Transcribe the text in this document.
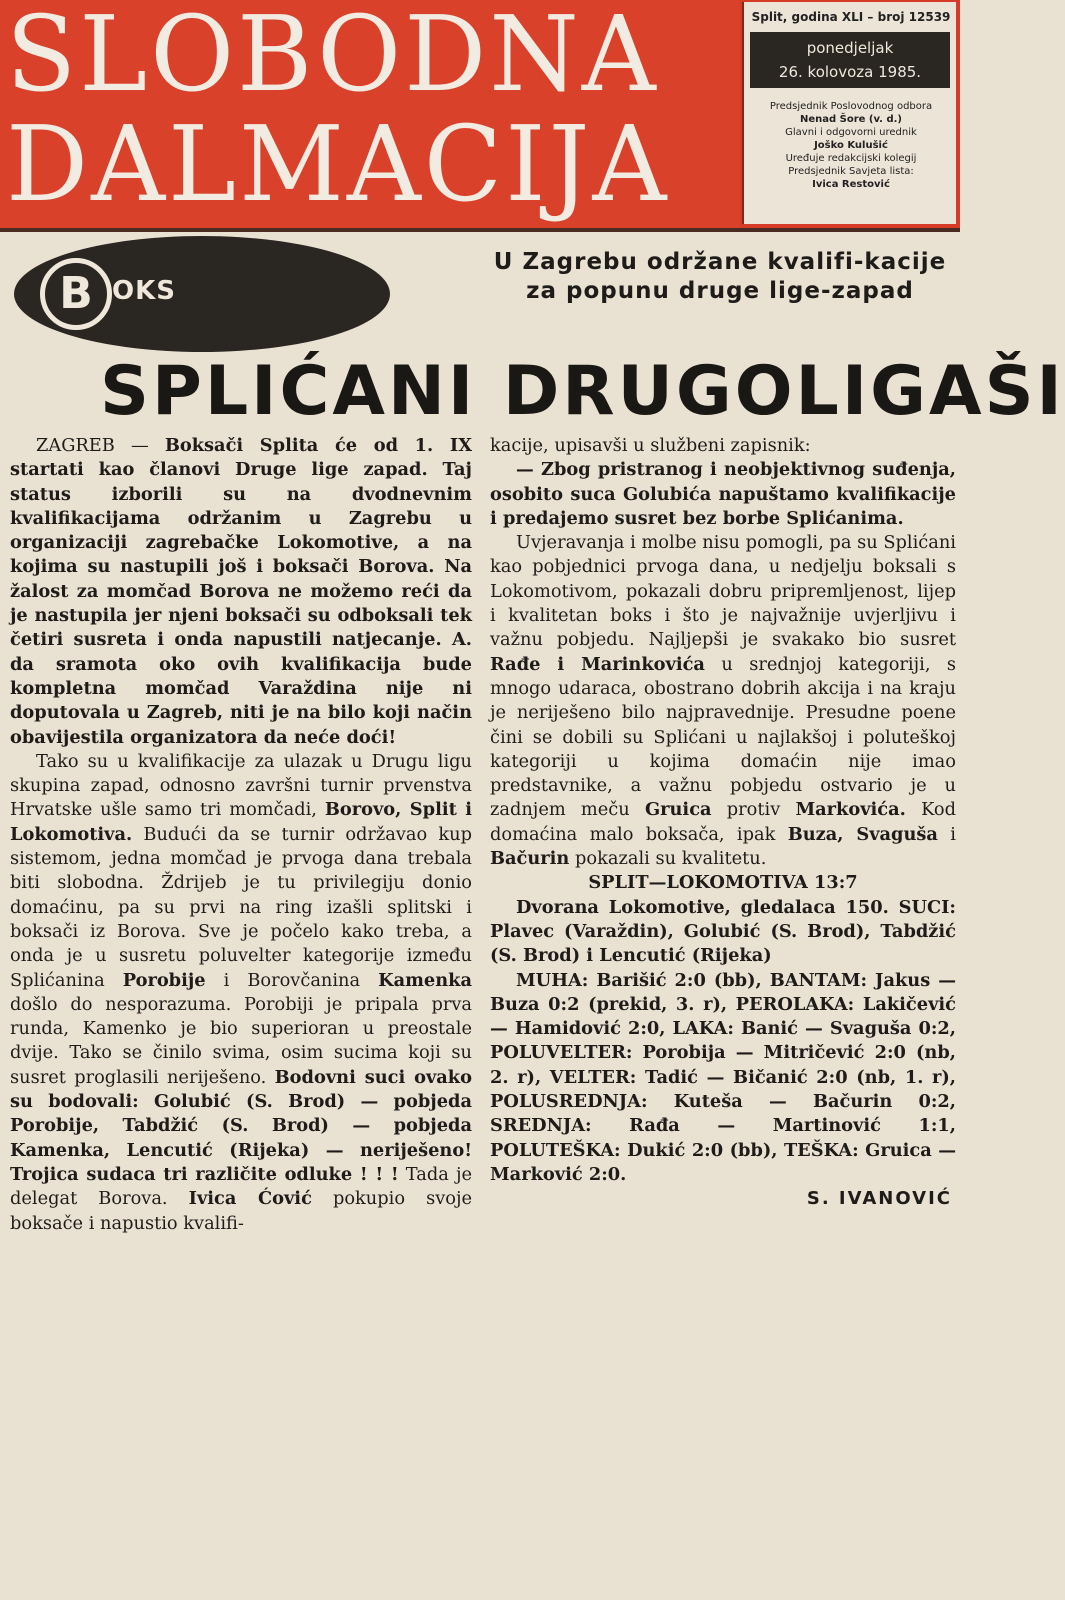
SLOBODNA
DALMACIJA
Split, godina XLI – broj 12539
ponedjeljak
26. kolovoza 1985.
Predsjednik Poslovodnog odbora
Nenad Šore (v. d.)
Glavni i odgovorni urednik
Joško Kulušić
Uređuje redakcijski kolegij
Predsjednik Savjeta lista:
Ivica Restović
B OKS
U Zagrebu održane kvalifi-kacije za popunu druge lige-zapad
SPLIĆANI DRUGOLIGAŠI

ZAGREB — Boksači Splita će od 1. IX startati kao članovi Druge lige zapad. Taj status izborili su na dvodnevnim kvalifikacijama održanim u Zagrebu u organizaciji zagrebačke Lokomotive, a na kojima su nastupili još i boksači Borova. Na žalost za momčad Borova ne možemo reći da je nastupila jer njeni boksači su odboksali tek četiri susreta i onda napustili natjecanje. A. da sramota oko ovih kvalifikacija bude kompletna momčad Varaždina nije ni doputovala u Zagreb, niti je na bilo koji način obavijestila organizatora da neće doći!

Tako su u kvalifikacije za ulazak u Drugu ligu skupina zapad, odnosno završni turnir prvenstva Hrvatske ušle samo tri momčadi, Borovo, Split i Lokomotiva. Budući da se turnir održavao kup sistemom, jedna momčad je prvoga dana trebala biti slobodna. Ždrijeb je tu privilegiju donio domaćinu, pa su prvi na ring izašli splitski i boksači iz Borova. Sve je počelo kako treba, a onda je u susretu poluvelter kategorije između Splićanina Porobije i Borovčanina Kamenka došlo do nesporazuma. Porobiji je pripala prva runda, Kamenko je bio superioran u preostale dvije. Tako se činilo svima, osim sucima koji su susret proglasili neriješeno. Bodovni suci ovako su bodovali: Golubić (S. Brod) — pobjeda Porobije, Tabdžić (S. Brod) — pobjeda Kamenka, Lencutić (Rijeka) — neriješeno! Trojica sudaca tri različite odluke ! ! ! Tada je delegat Borova. Ivica Ćović pokupio svoje boksače i napustio kvalifi-

kacije, upisavši u službeni zapisnik:

— Zbog pristranog i neobjektivnog suđenja, osobito suca Golubića napuštamo kvalifikacije i predajemo susret bez borbe Splićanima.

Uvjeravanja i molbe nisu pomogli, pa su Splićani kao pobjednici prvoga dana, u nedjelju boksali s Lokomotivom, pokazali dobru pripremljenost, lijep i kvalitetan boks i što je najvažnije uvjerljivu i važnu pobjedu. Najljepši je svakako bio susret Rađe i Marinkovića u srednjoj kategoriji, s mnogo udaraca, obostrano dobrih akcija i na kraju je neriješeno bilo najpravednije. Presudne poene čini se dobili su Splićani u najlakšoj i poluteškoj kategoriji u kojima domaćin nije imao predstavnike, a važnu pobjedu ostvario je u zadnjem meču Gruica protiv Markovića. Kod domaćina malo boksača, ipak Buza, Svaguša i Bačurin pokazali su kvalitetu.

SPLIT—LOKOMOTIVA 13:7

Dvorana Lokomotive, gledalaca 150. SUCI: Plavec (Varaždin), Golubić (S. Brod), Tabdžić (S. Brod) i Lencutić (Rijeka)

MUHA: Barišić 2:0 (bb), BANTAM: Jakus — Buza 0:2 (prekid, 3. r), PEROLAKA: Lakičević — Hamidović 2:0, LAKA: Banić — Svaguša 0:2, POLUVELTER: Porobija — Mitričević 2:0 (nb, 2. r), VELTER: Tadić — Bičanić 2:0 (nb, 1. r), POLUSREDNJA: Kuteša — Bačurin 0:2, SREDNJA: Rađa — Martinović 1:1, POLUTEŠKA: Dukić 2:0 (bb), TEŠKA: Gruica — Marković 2:0.

S. IVANOVIĆ
